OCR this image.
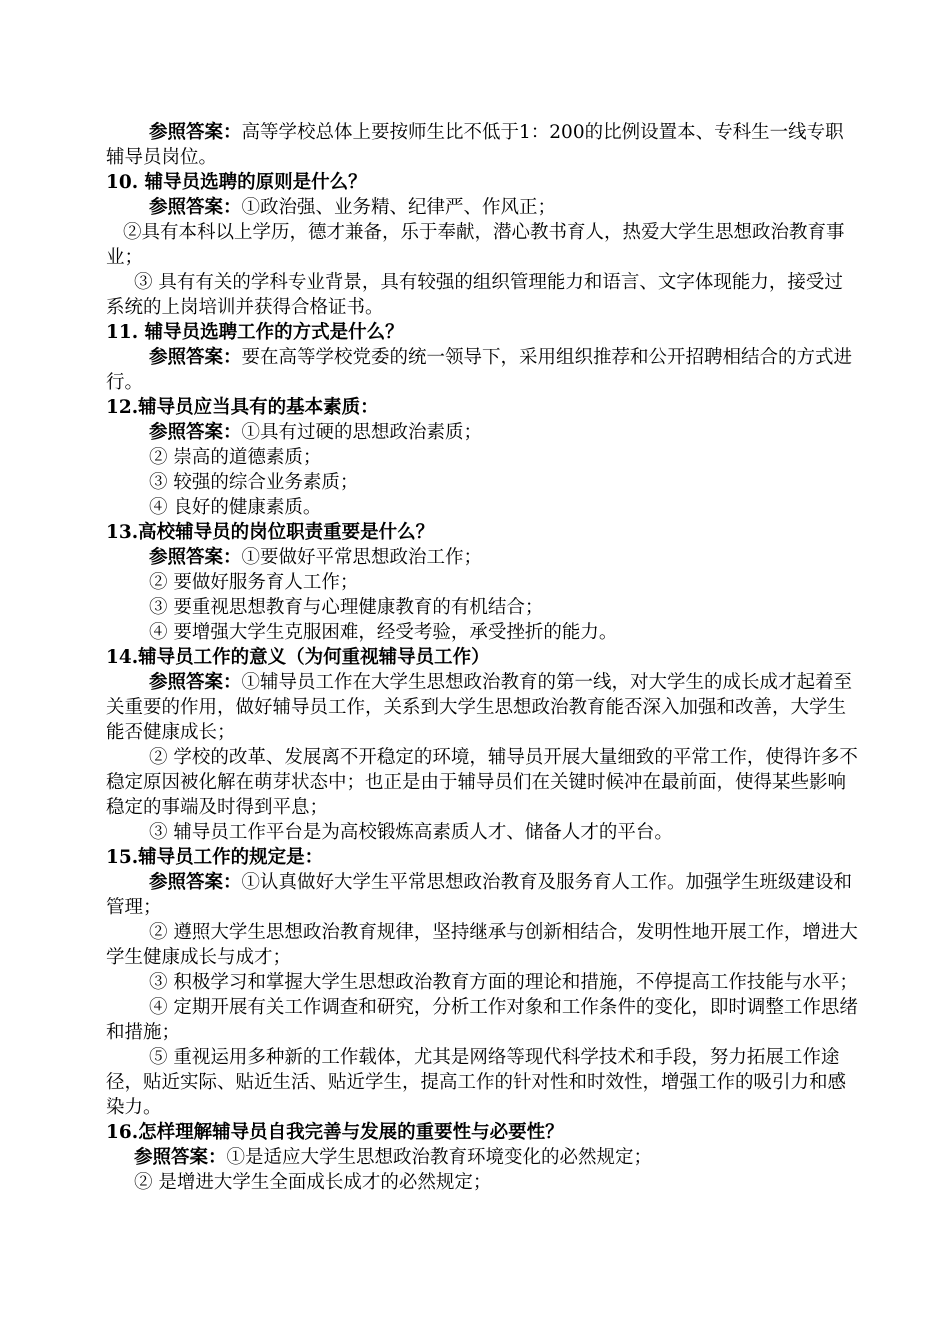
参照答案：高等学校总体上要按师生比不低于1：200的比例设置本、专科生一线专职辅导员岗位。

10. 辅导员选聘的原则是什么？

参照答案：①政治强、业务精、纪律严、作风正；

②具有本科以上学历，德才兼备，乐于奉献，潜心教书育人，热爱大学生思想政治教育事业；

③ 具有有关的学科专业背景，具有较强的组织管理能力和语言、文字体现能力，接受过系统的上岗培训并获得合格证书。

11. 辅导员选聘工作的方式是什么？

参照答案：要在高等学校党委的统一领导下，采用组织推荐和公开招聘相结合的方式进行。

12.辅导员应当具有的基本素质：

参照答案：①具有过硬的思想政治素质；

② 崇高的道德素质；

③ 较强的综合业务素质；

④ 良好的健康素质。

13.高校辅导员的岗位职责重要是什么？

参照答案：①要做好平常思想政治工作；

② 要做好服务育人工作；

③ 要重视思想教育与心理健康教育的有机结合；

④ 要增强大学生克服困难，经受考验，承受挫折的能力。

14.辅导员工作的意义（为何重视辅导员工作）

参照答案：①辅导员工作在大学生思想政治教育的第一线，对大学生的成长成才起着至关重要的作用，做好辅导员工作，关系到大学生思想政治教育能否深入加强和改善，大学生能否健康成长；

② 学校的改革、发展离不开稳定的环境，辅导员开展大量细致的平常工作，使得许多不稳定原因被化解在萌芽状态中；也正是由于辅导员们在关键时候冲在最前面，使得某些影响稳定的事端及时得到平息；

③ 辅导员工作平台是为高校锻炼高素质人才、储备人才的平台。

15.辅导员工作的规定是：

参照答案：①认真做好大学生平常思想政治教育及服务育人工作。加强学生班级建设和管理；

② 遵照大学生思想政治教育规律，坚持继承与创新相结合，发明性地开展工作，增进大学生健康成长与成才；

③ 积极学习和掌握大学生思想政治教育方面的理论和措施，不停提高工作技能与水平；

④ 定期开展有关工作调查和研究，分析工作对象和工作条件的变化，即时调整工作思绪和措施；

⑤ 重视运用多种新的工作载体，尤其是网络等现代科学技术和手段，努力拓展工作途径，贴近实际、贴近生活、贴近学生，提高工作的针对性和时效性，增强工作的吸引力和感染力。

16.怎样理解辅导员自我完善与发展的重要性与必要性？

参照答案：①是适应大学生思想政治教育环境变化的必然规定；

② 是增进大学生全面成长成才的必然规定；
